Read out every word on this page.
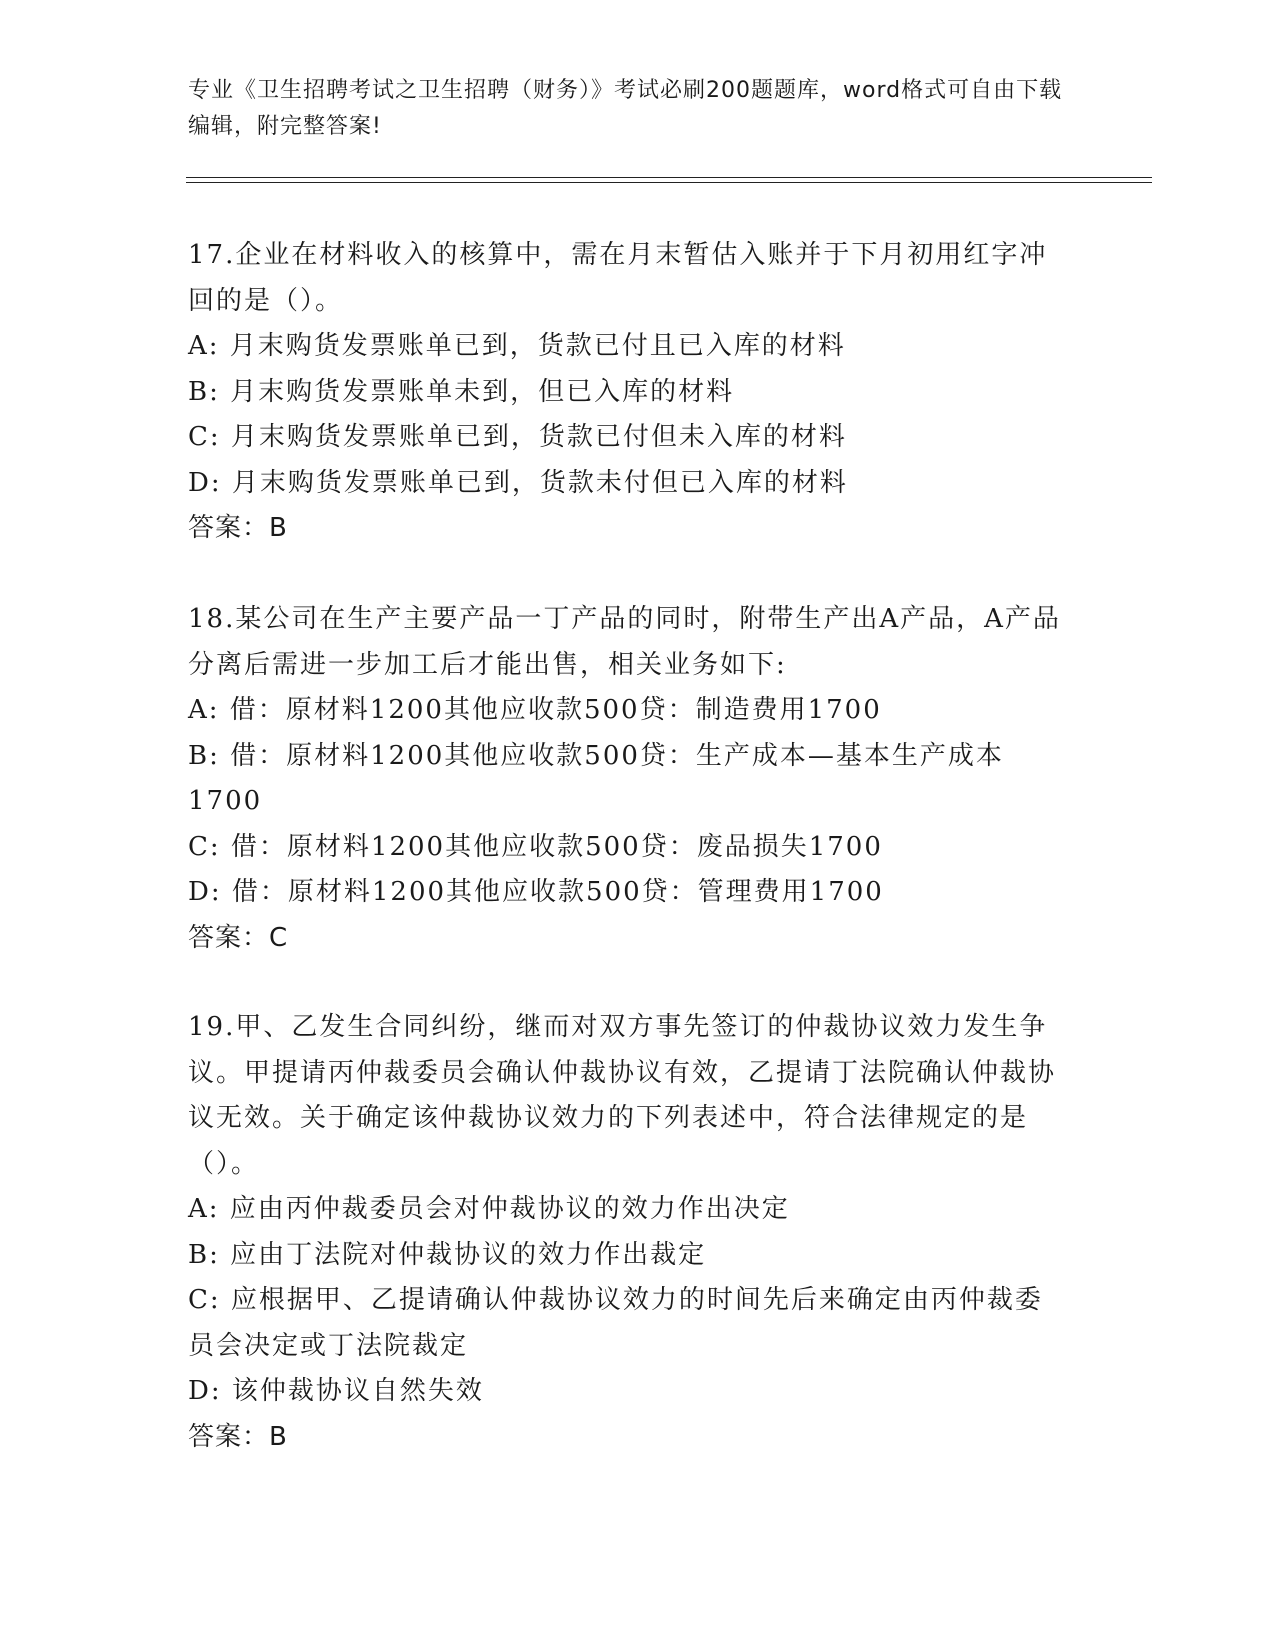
专业《卫生招聘考试之卫生招聘（财务）》考试必刷200题题库，word格式可自由下载编辑，附完整答案!

17.企业在材料收入的核算中，需在月末暂估入账并于下月初用红字冲回的是（）。

A: 月末购货发票账单已到，货款已付且已入库的材料

B: 月末购货发票账单未到，但已入库的材料

C: 月末购货发票账单已到，货款已付但未入库的材料

D: 月末购货发票账单已到，货款未付但已入库的材料

答案：B

18.某公司在生产主要产品一丁产品的同时，附带生产出A产品，A产品分离后需进一步加工后才能出售，相关业务如下:

A: 借：原材料1200其他应收款500贷：制造费用1700

B: 借：原材料1200其他应收款500贷：生产成本—基本生产成本1700

C: 借：原材料1200其他应收款500贷：废品损失1700

D: 借：原材料1200其他应收款500贷：管理费用1700

答案：C

19.甲、乙发生合同纠纷，继而对双方事先签订的仲裁协议效力发生争议。甲提请丙仲裁委员会确认仲裁协议有效，乙提请丁法院确认仲裁协议无效。关于确定该仲裁协议效力的下列表述中，符合法律规定的是（）。

A: 应由丙仲裁委员会对仲裁协议的效力作出决定

B: 应由丁法院对仲裁协议的效力作出裁定

C: 应根据甲、乙提请确认仲裁协议效力的时间先后来确定由丙仲裁委员会决定或丁法院裁定

D: 该仲裁协议自然失效

答案：B
